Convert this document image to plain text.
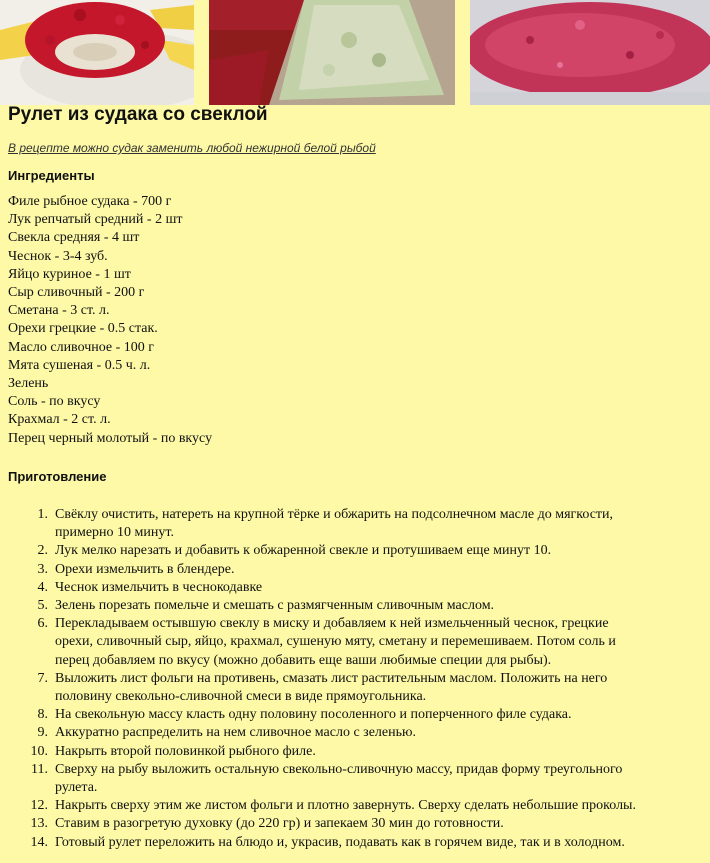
Рулет из судака со свеклой

В рецепте можно судак заменить любой нежирной белой рыбой

Ингредиенты
Филе рыбное судака - 700 г
Лук репчатый средний - 2 шт
Свекла средняя - 4 шт
Чеснок - 3-4 зуб.
Яйцо куриное - 1 шт
Сыр сливочный - 200 г
Сметана - 3 ст. л.
Орехи грецкие - 0.5 стак.
Масло сливочное - 100 г
Мята сушеная - 0.5 ч. л.
Зелень
Соль - по вкусу
Крахмал - 2 ст. л.
Перец черный молотый - по вкусу
Приготовление
1. Свёклу очистить, натереть на крупной тёрке и обжарить на подсолнечном масле до мягкости,
примерно 10 минут.
2. Лук мелко нарезать и добавить к обжаренной свекле и протушиваем еще минут 10.
3. Орехи измельчить в блендере.
4. Чеснок измельчить в чеснокодавке
5. Зелень порезать помельче и смешать с размягченным сливочным маслом.
6. Перекладываем остывшую свеклу в миску и добавляем к ней измельченный чеснок, грецкие
орехи, сливочный сыр, яйцо, крахмал, сушеную мяту, сметану и перемешиваем. Потом соль и
перец добавляем по вкусу (можно добавить еще ваши любимые специи для рыбы).
7. Выложить лист фольги на противень, смазать лист растительным маслом. Положить на него
половину свекольно-сливочной смеси в виде прямоугольника.
8. На свекольную массу класть одну половину посоленного и поперченного филе судака.
9. Аккуратно распределить на нем сливочное масло с зеленью.
10. Накрыть второй половинкой рыбного филе.
11. Сверху на рыбу выложить остальную свекольно-сливочную массу, придав форму треугольного
рулета.
12. Накрыть сверху этим же листом фольги и плотно завернуть. Сверху сделать небольшие проколы.
13. Ставим в разогретую духовку (до 220 гр) и запекаем 30 мин до готовности.
14. Готовый рулет переложить на блюдо и, украсив, подавать как в горячем виде, так и в холодном.
